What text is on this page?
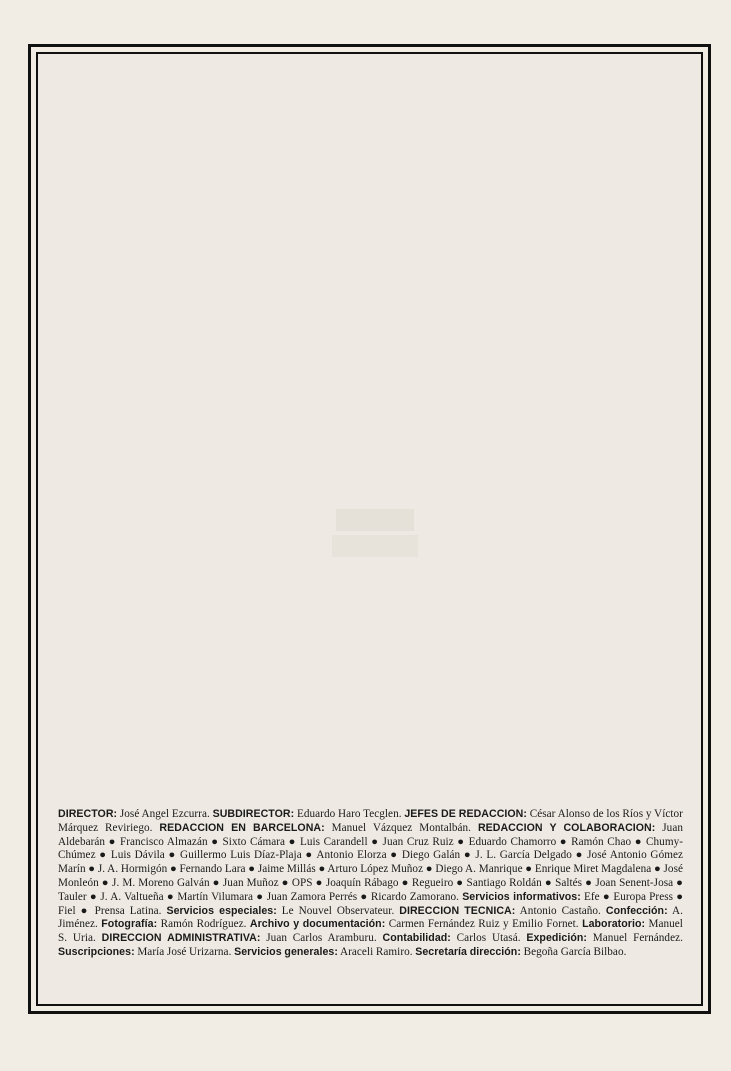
DIRECTOR: José Angel Ezcurra. SUBDIRECTOR: Eduardo Haro Tecglen. JEFES DE REDACCION: César Alonso de los Ríos y Víctor Márquez Reviriego. REDACCION EN BARCELONA: Manuel Vázquez Montalbán. REDACCION Y COLABORACION: Juan Aldebarán ● Francisco Almazán ● Sixto Cámara ● Luis Carandell ● Juan Cruz Ruiz ● Eduardo Chamorro ● Ramón Chao ● Chumy-Chúmez ● Luis Dávila ● Guillermo Luis Díaz-Plaja ● Antonio Elorza ● Diego Galán ● J. L. García Delgado ● José Antonio Gómez Marín ● J. A. Hormigón ● Fernando Lara ● Jaime Millás ● Arturo López Muñoz ● Diego A. Manrique ● Enrique Miret Magdalena ● José Monleón ● J. M. Moreno Galván ● Juan Muñoz ● OPS ● Joaquín Rábago ● Regueiro ● Santiago Roldán ● Saltés ● Joan Senent-Josa ● Tauler ● J. A. Valtueña ● Martín Vilumara ● Juan Zamora Perrés ● Ricardo Zamorano. Servicios informativos: Efe ● Europa Press ● Fiel ● Prensa Latina. Servicios especiales: Le Nouvel Observateur. DIRECCION TECNICA: Antonio Castaño. Confección: A. Jiménez. Fotografía: Ramón Rodríguez. Archivo y documentación: Carmen Fernández Ruiz y Emilio Fornet. Laboratorio: Manuel S. Uria. DIRECCION ADMINISTRATIVA: Juan Carlos Aramburu. Contabilidad: Carlos Utasá. Expedición: Manuel Fernández. Suscripciones: María José Urizarna. Servicios generales: Araceli Ramiro. Secretaría dirección: Begoña García Bilbao.
